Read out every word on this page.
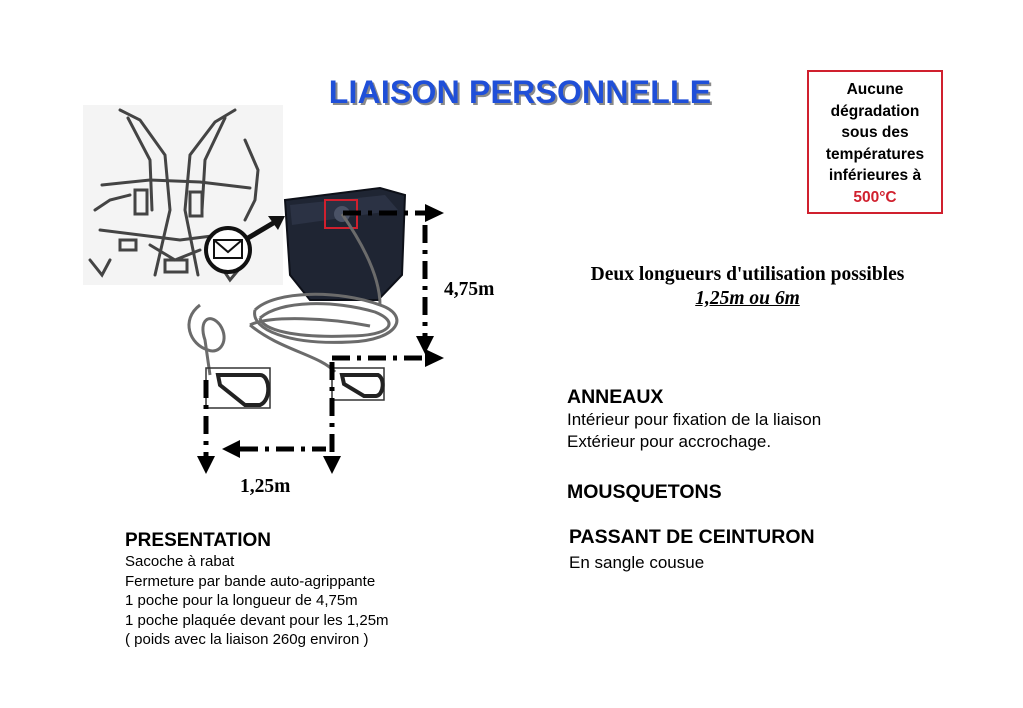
LIAISON PERSONNELLE	Aucune
dégradation
sous des
températures
inférieures à
500°C
4,75m
1,25m
Deux longueurs d'utilisation possibles
1,25m ou 6m
ANNEAUX
Intérieur pour fixation de la liaison
Extérieur pour accrochage.
MOUSQUETONS
PASSANT DE CEINTURON
En sangle cousue
PRESENTATION
Sacoche à rabat
Fermeture par bande auto-agrippante
1 poche pour la longueur de 4,75m
1 poche plaquée devant pour les 1,25m
( poids avec la liaison 260g environ )
